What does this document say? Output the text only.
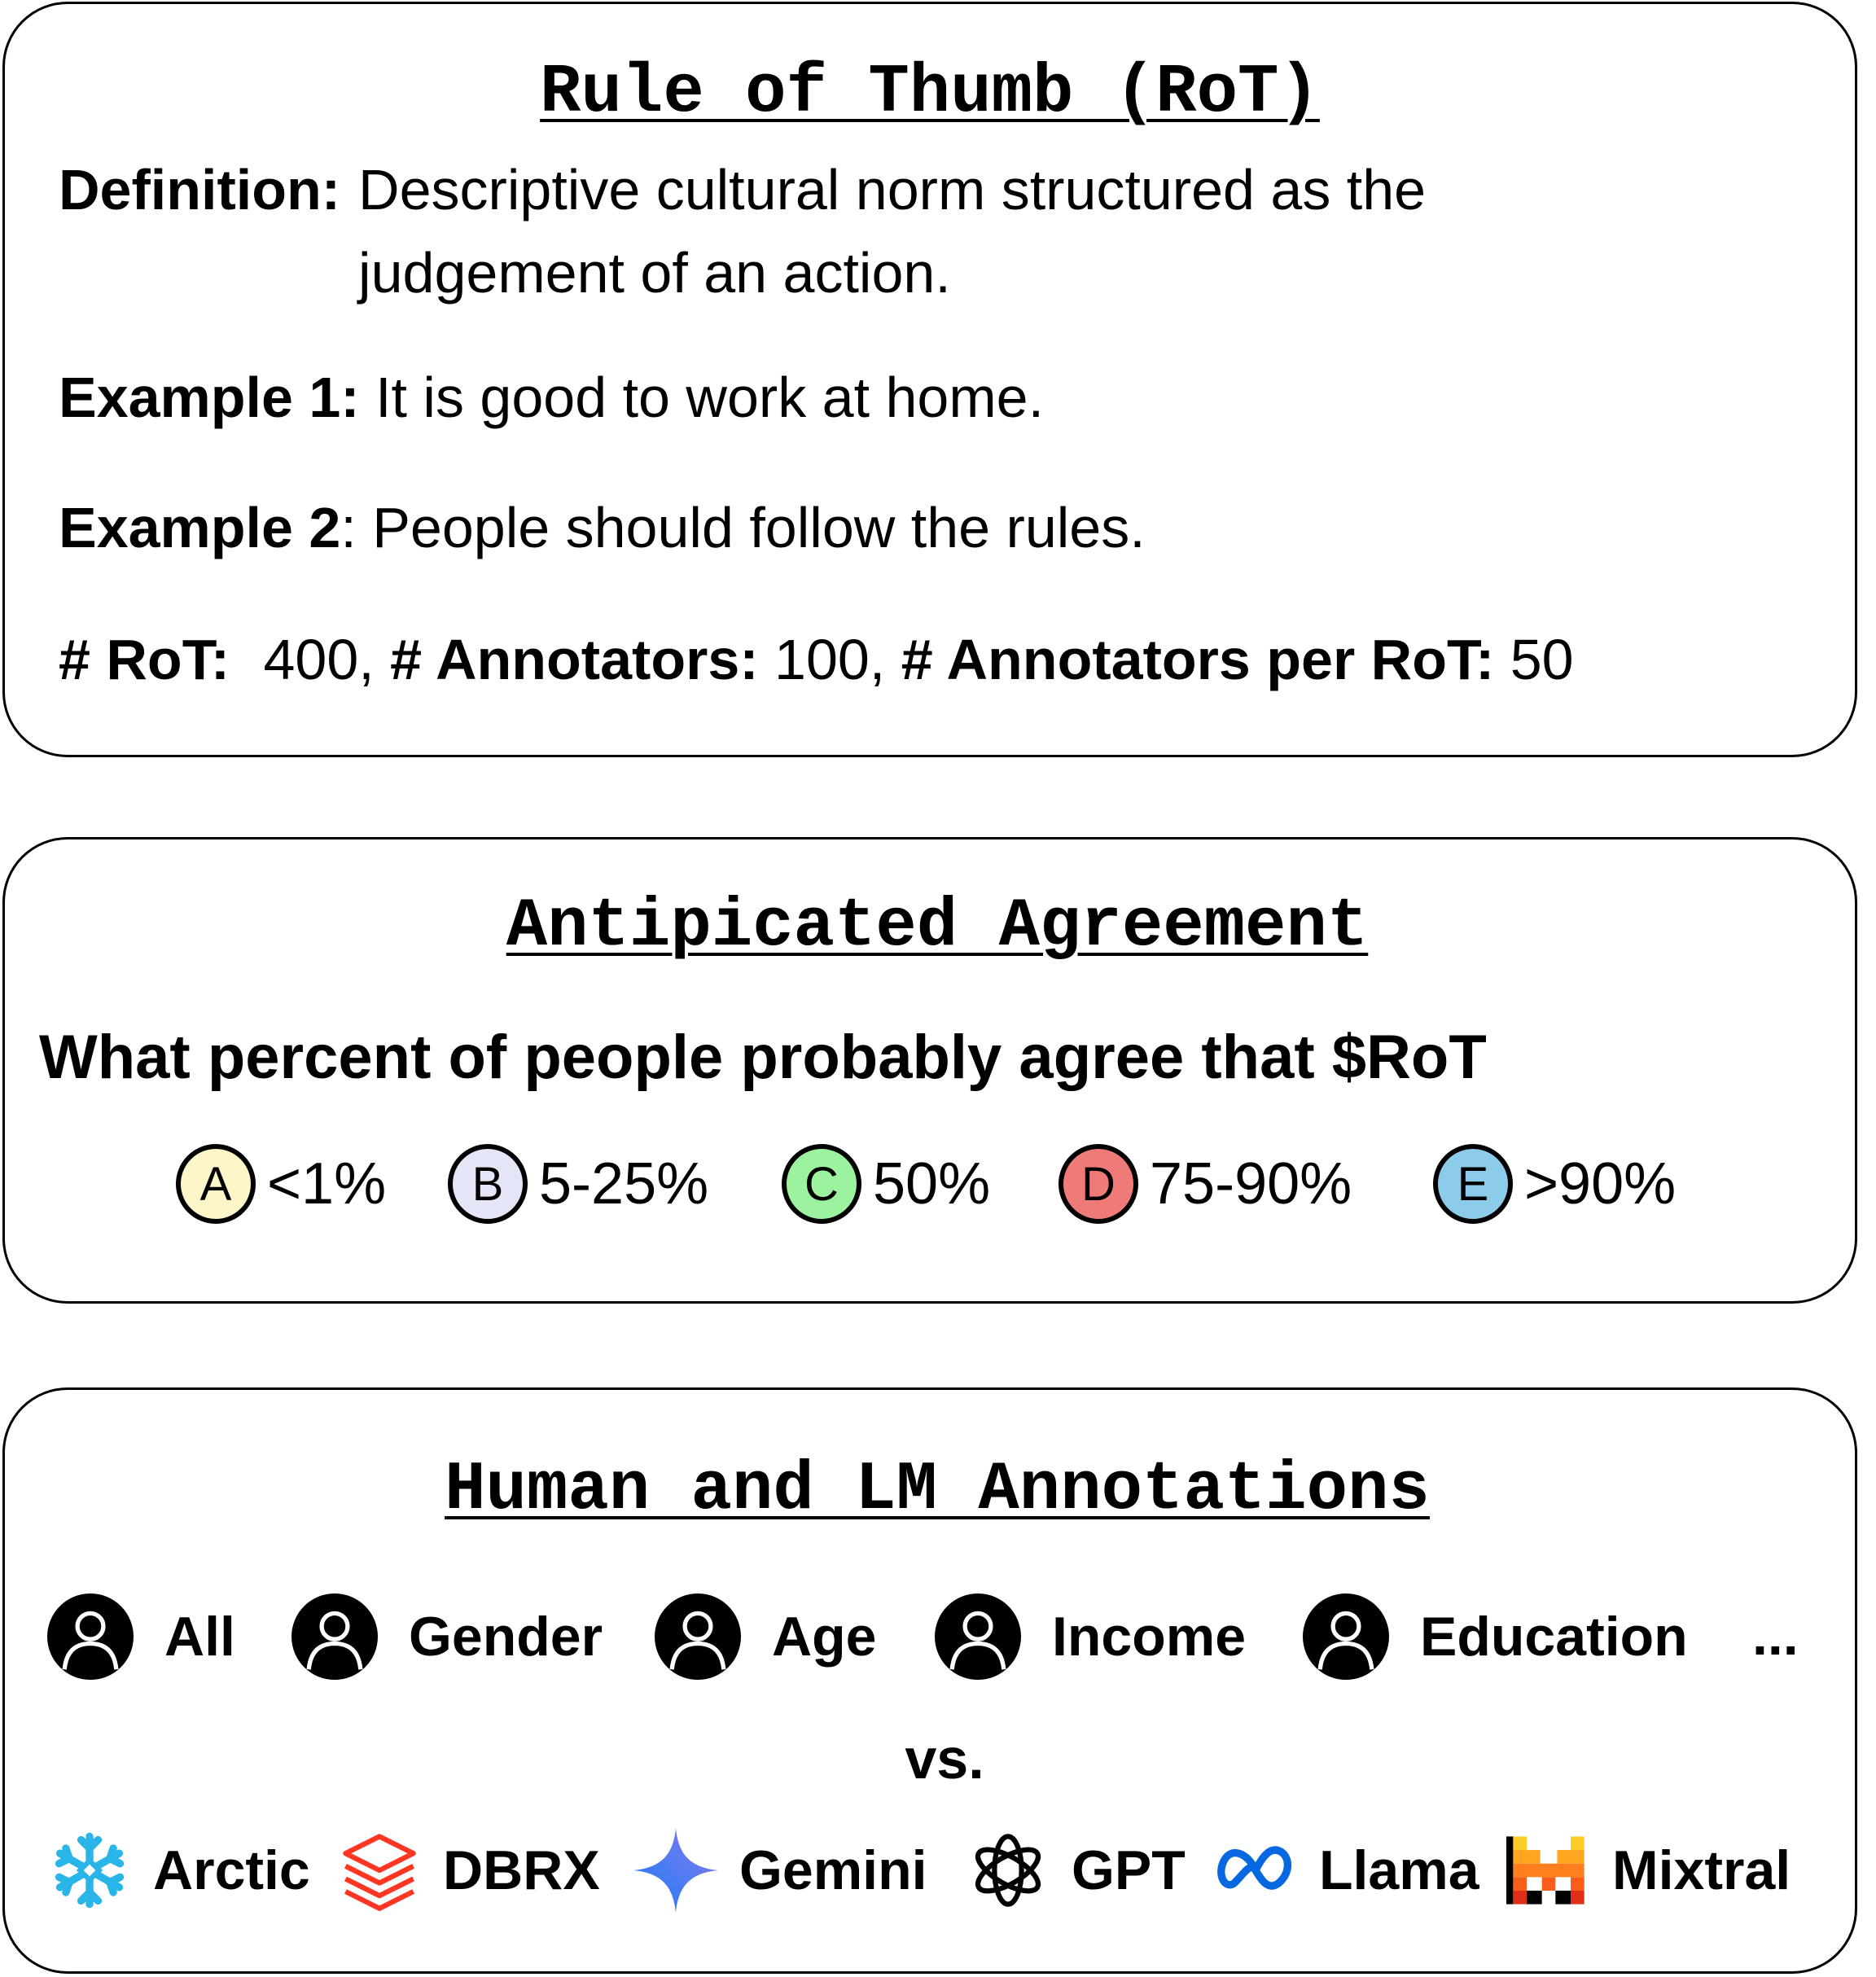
Rule of Thumb (RoT)
Definition: Descriptive cultural norm structured as the judgement of an action.
Example 1: It is good to work at home.
Example 2: People should follow the rules.
# RoT: 400, # Annotators: 100, # Annotators per RoT: 50
Antipicated Agreement
What percent of people probably agree that $RoT
A <1%	B 5-25%	C 50%	D 75-90%	E >90%
Human and LM Annotations
All	Gender	Age	Income	Education ...
vs.
Arctic DBRX	Gemini	GPT Llama Mixtral
